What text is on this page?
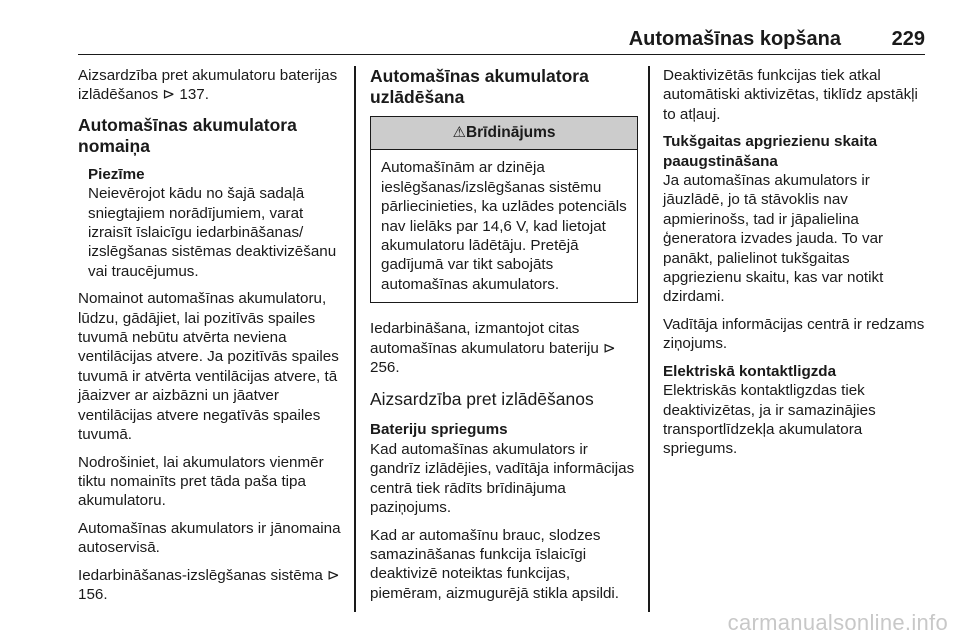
Automašīnas kopšana	229

Aizsardzība pret akumulatoru baterijas izlādēšanos ⊳ 137.

Automašīnas akumulatora nomaiņa
Piezīme
Neievērojot kādu no šajā sadaļā sniegtajiem norādījumiem, varat izraisīt īslaicīgu iedarbināšanas/ izslēgšanas sistēmas deaktivizēšanu vai traucējumus.

Nomainot automašīnas akumulatoru, lūdzu, gādājiet, lai pozitīvās spailes tuvumā nebūtu atvērta neviena ventilācijas atvere. Ja pozitīvās spailes tuvumā ir atvērta ventilācijas atvere, tā jāaizver ar aizbāzni un jāatver ventilācijas atvere negatīvās spailes tuvumā.

Nodrošiniet, lai akumulators vienmēr tiktu nomainīts pret tāda paša tipa akumulatoru.

Automašīnas akumulators ir jānomaina autoservisā.

Iedarbināšanas-izslēgšanas sistēma ⊳ 156.

Automašīnas akumulatora uzlādēšana
⚠Brīdinājums
Automašīnām ar dzinēja ieslēgšanas/izslēgšanas sistēmu pārliecinieties, ka uzlādes potenciāls nav lielāks par 14,6 V, kad lietojat akumulatoru lādētāju. Pretējā gadījumā var tikt sabojāts automašīnas akumulators.

Iedarbināšana, izmantojot citas automašīnas akumulatoru bateriju ⊳ 256.

Aizsardzība pret izlādēšanos
Bateriju spriegums

Kad automašīnas akumulators ir gandrīz izlādējies, vadītāja informācijas centrā tiek rādīts brīdinājuma paziņojums.

Kad ar automašīnu brauc, slodzes samazināšanas funkcija īslaicīgi deaktivizē noteiktas funkcijas, piemēram, aizmugurējā stikla apsildi.

Deaktivizētās funkcijas tiek atkal automātiski aktivizētas, tiklīdz apstākļi to atļauj.

Tukšgaitas apgriezienu skaita paaugstināšana

Ja automašīnas akumulators ir jāuzlādē, jo tā stāvoklis nav apmierinošs, tad ir jāpalielina ģeneratora izvades jauda. To var panākt, palielinot tukšgaitas apgriezienu skaitu, kas var notikt dzirdami.

Vadītāja informācijas centrā ir redzams ziņojums.

Elektriskā kontaktligzda

Elektriskās kontaktligzdas tiek deaktivizētas, ja ir samazinājies transportlīdzekļa akumulatora spriegums.

carmanualsonline.info
